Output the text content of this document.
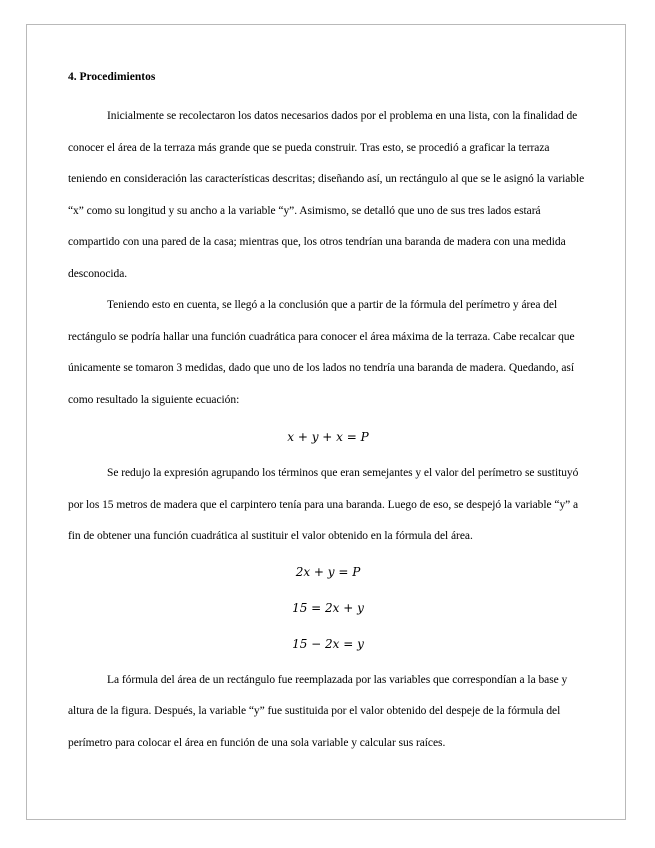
4. Procedimientos

Inicialmente se recolectaron los datos necesarios dados por el problema en una lista, con la finalidad de conocer el área de la terraza más grande que se pueda construir. Tras esto, se procedió a graficar la terraza teniendo en consideración las características descritas; diseñando así, un rectángulo al que se le asignó la variable “x” como su longitud y su ancho a la variable “y”. Asimismo, se detalló que uno de sus tres lados estará compartido con una pared de la casa; mientras que, los otros tendrían una baranda de madera con una medida desconocida.

Teniendo esto en cuenta, se llegó a la conclusión que a partir de la fórmula del perímetro y área del rectángulo se podría hallar una función cuadrática para conocer el área máxima de la terraza. Cabe recalcar que únicamente se tomaron 3 medidas, dado que uno de los lados no tendría una baranda de madera. Quedando, así como resultado la siguiente ecuación:

x + y + x = P

Se redujo la expresión agrupando los términos que eran semejantes y el valor del perímetro se sustituyó por los 15 metros de madera que el carpintero tenía para una baranda. Luego de eso, se despejó la variable “y” a fin de obtener una función cuadrática al sustituir el valor obtenido en la fórmula del área.

2x + y = P
15 = 2x + y
15 − 2x = y

La fórmula del área de un rectángulo fue reemplazada por las variables que correspondían a la base y altura de la figura. Después, la variable “y” fue sustituida por el valor obtenido del despeje de la fórmula del perímetro para colocar el área en función de una sola variable y calcular sus raíces.
